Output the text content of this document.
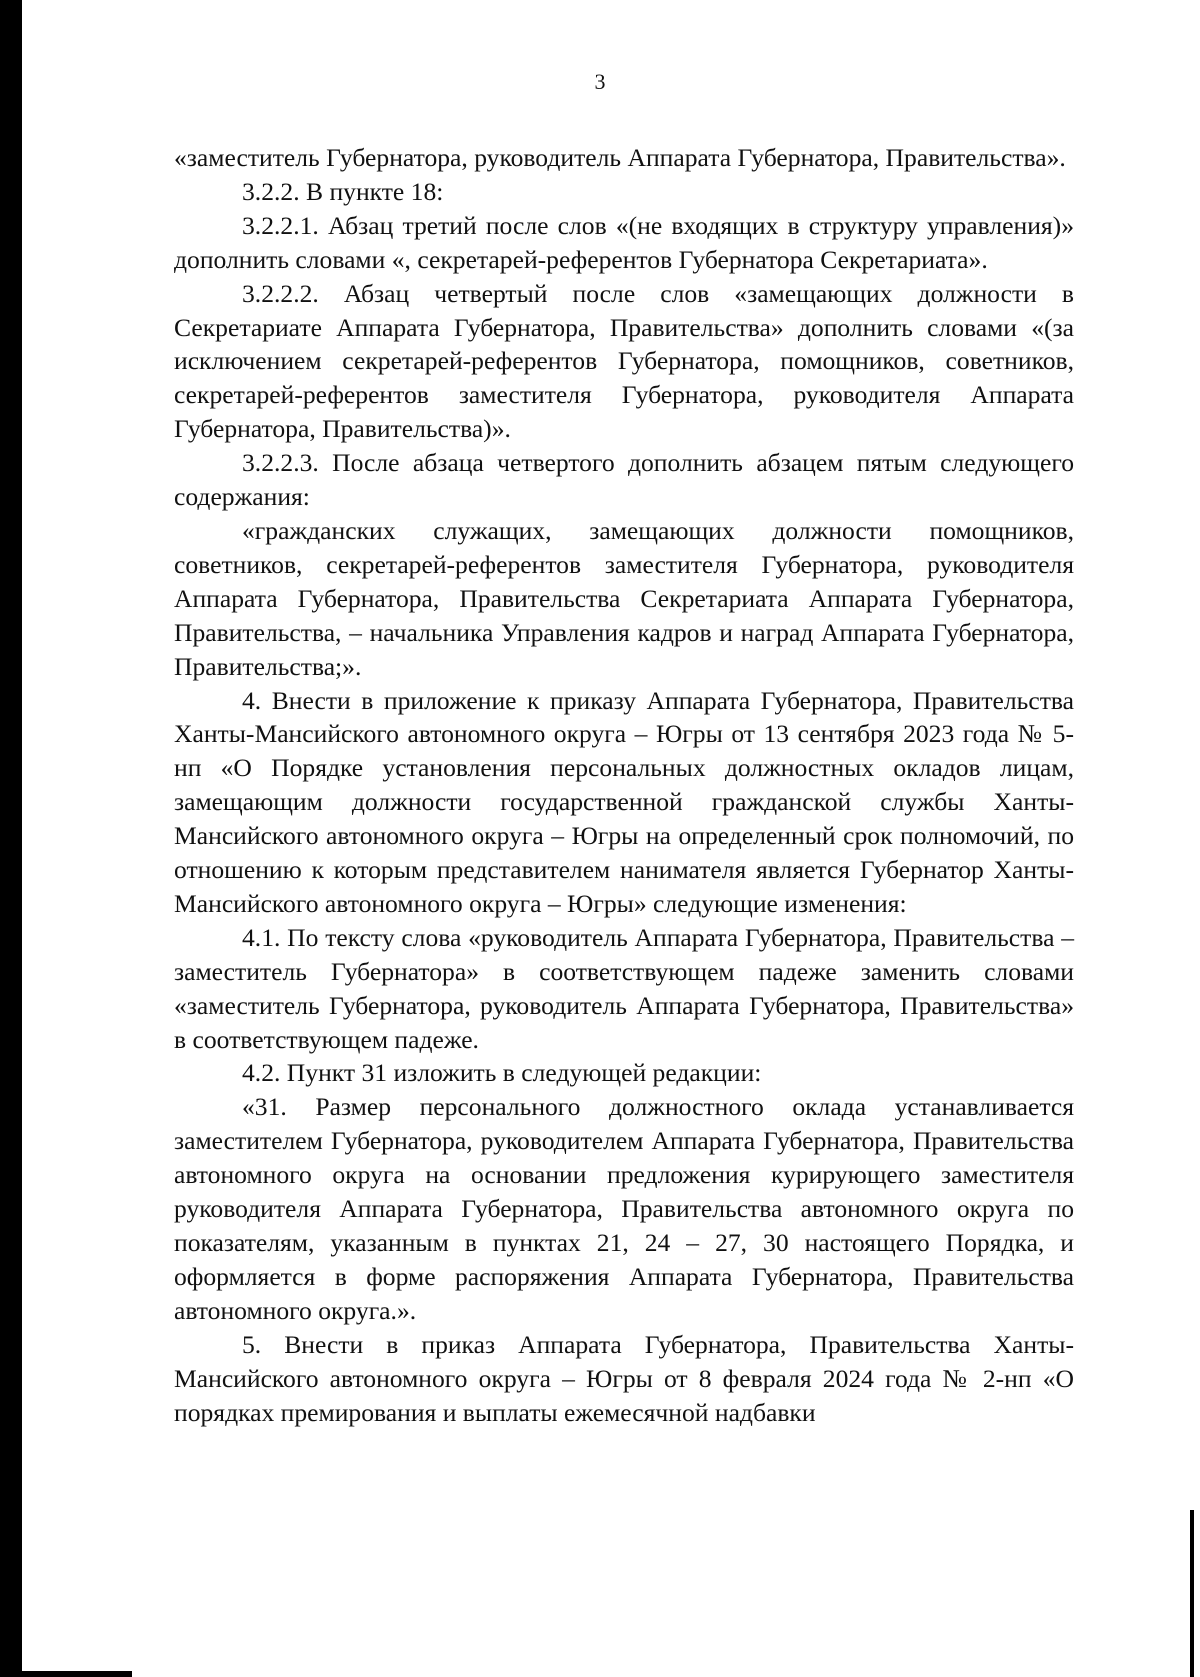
3

«заместитель Губернатора, руководитель Аппарата Губернатора, Правительства».

3.2.2. В пункте 18:

3.2.2.1. Абзац третий после слов «(не входящих в структуру управления)» дополнить словами «, секретарей-референтов Губернатора Секретариата».

3.2.2.2. Абзац четвертый после слов «замещающих должности в Секретариате Аппарата Губернатора, Правительства» дополнить словами «(за исключением секретарей-референтов Губернатора, помощников, советников, секретарей-референтов заместителя Губернатора, руководителя Аппарата Губернатора, Правительства)».

3.2.2.3. После абзаца четвертого дополнить абзацем пятым следующего содержания:

«гражданских служащих, замещающих должности помощников, советников, секретарей-референтов заместителя Губернатора, руководителя Аппарата Губернатора, Правительства Секретариата Аппарата Губернатора, Правительства, – начальника Управления кадров и наград Аппарата Губернатора, Правительства;».

4. Внести в приложение к приказу Аппарата Губернатора, Правительства Ханты-Мансийского автономного округа – Югры от 13 сентября 2023 года № 5-нп «О Порядке установления персональных должностных окладов лицам, замещающим должности государственной гражданской службы Ханты-Мансийского автономного округа – Югры на определенный срок полномочий, по отношению к которым представителем нанимателя является Губернатор Ханты-Мансийского автономного округа – Югры» следующие изменения:

4.1. По тексту слова «руководитель Аппарата Губернатора, Правительства – заместитель Губернатора» в соответствующем падеже заменить словами «заместитель Губернатора, руководитель Аппарата Губернатора, Правительства» в соответствующем падеже.

4.2. Пункт 31 изложить в следующей редакции:

«31. Размер персонального должностного оклада устанавливается заместителем Губернатора, руководителем Аппарата Губернатора, Правительства автономного округа на основании предложения курирующего заместителя руководителя Аппарата Губернатора, Правительства автономного округа по показателям, указанным в пунктах 21, 24 – 27, 30 настоящего Порядка, и оформляется в форме распоряжения Аппарата Губернатора, Правительства автономного округа.».

5. Внести в приказ Аппарата Губернатора, Правительства Ханты-Мансийского автономного округа – Югры от 8 февраля 2024 года № 2-нп «О порядках премирования и выплаты ежемесячной надбавки
